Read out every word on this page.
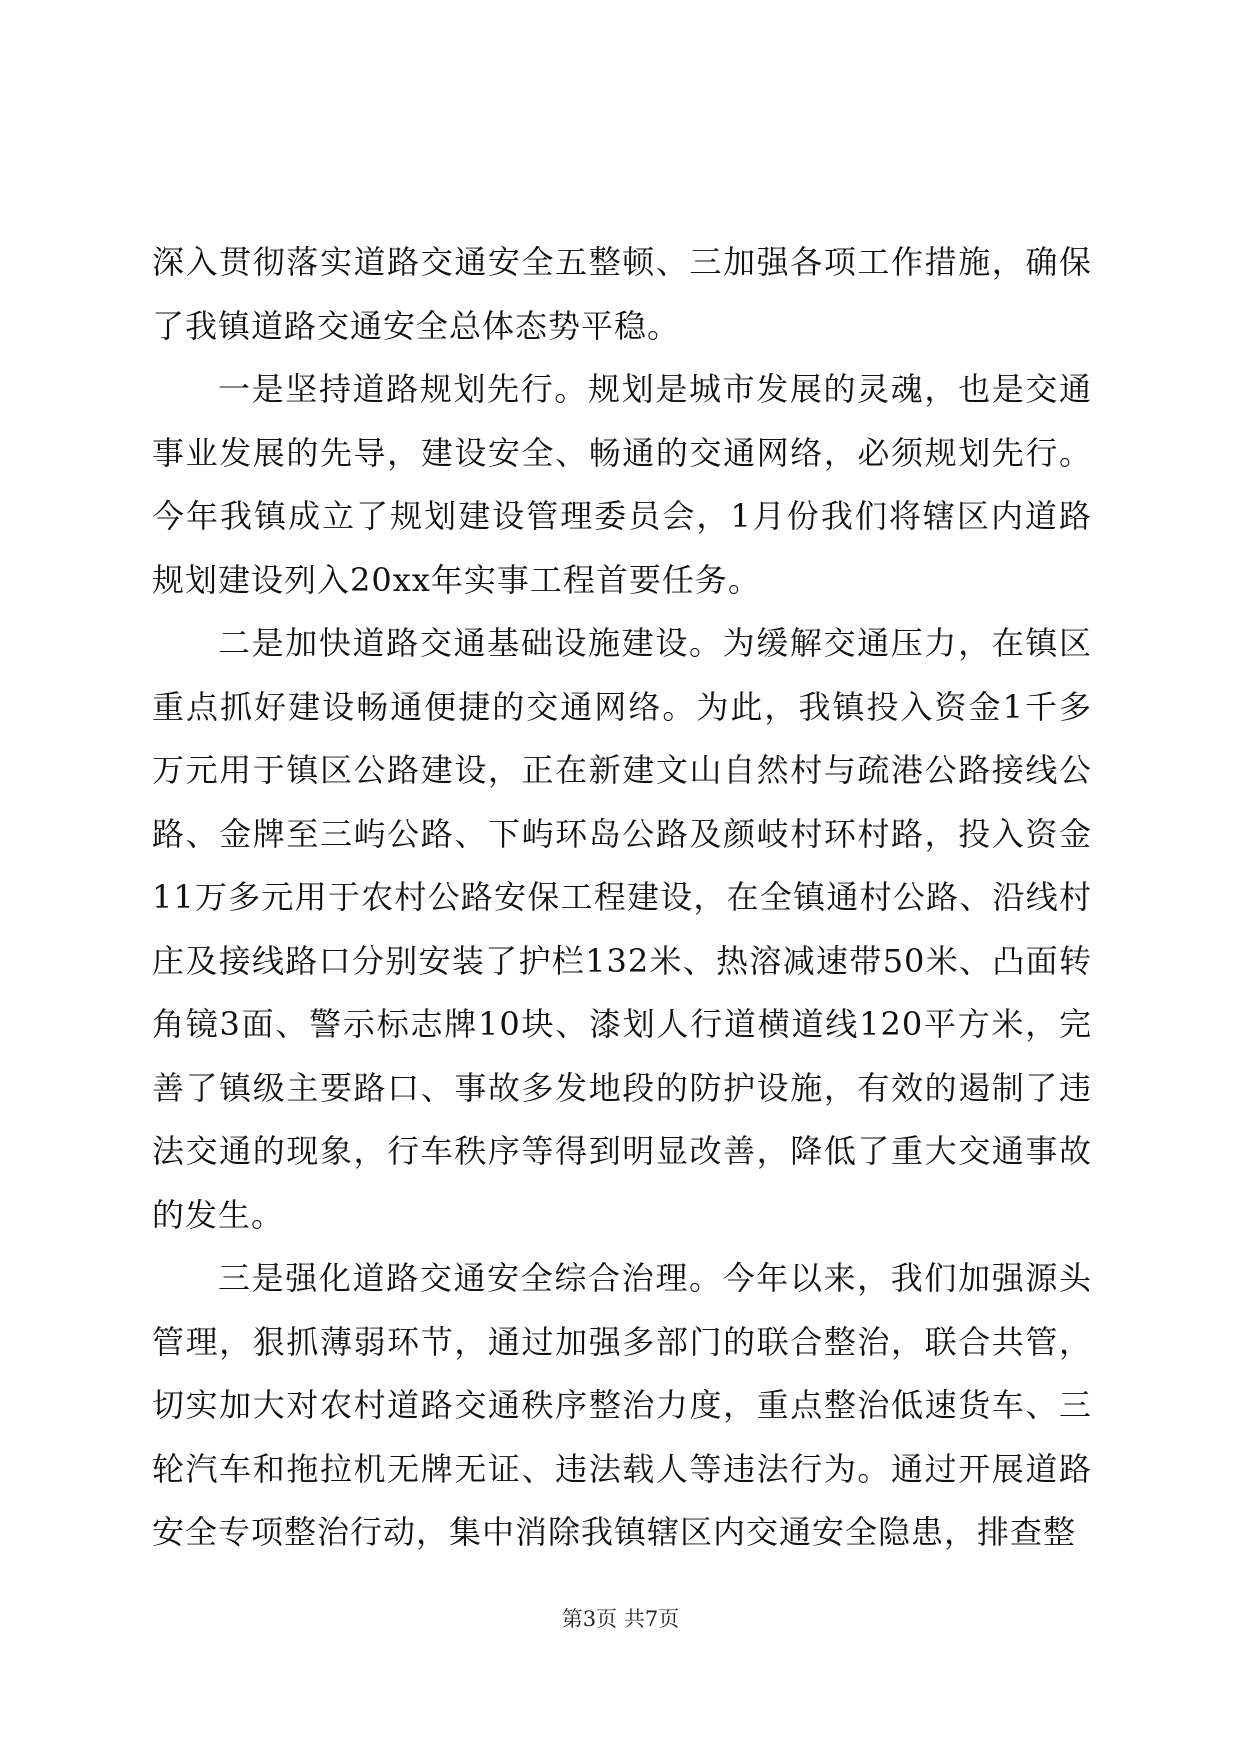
深入贯彻落实道路交通安全五整顿、三加强各项工作措施，确保了我镇道路交通安全总体态势平稳。

一是坚持道路规划先行。规划是城市发展的灵魂，也是交通事业发展的先导，建设安全、畅通的交通网络，必须规划先行。今年我镇成立了规划建设管理委员会，1月份我们将辖区内道路规划建设列入20xx年实事工程首要任务。

二是加快道路交通基础设施建设。为缓解交通压力，在镇区重点抓好建设畅通便捷的交通网络。为此，我镇投入资金1千多万元用于镇区公路建设，正在新建文山自然村与疏港公路接线公路、金牌至三屿公路、下屿环岛公路及颜岐村环村路，投入资金11万多元用于农村公路安保工程建设，在全镇通村公路、沿线村庄及接线路口分别安装了护栏132米、热溶减速带50米、凸面转角镜3面、警示标志牌10块、漆划人行道横道线120平方米，完善了镇级主要路口、事故多发地段的防护设施，有效的遏制了违法交通的现象，行车秩序等得到明显改善，降低了重大交通事故的发生。

三是强化道路交通安全综合治理。今年以来，我们加强源头管理，狠抓薄弱环节，通过加强多部门的联合整治，联合共管，切实加大对农村道路交通秩序整治力度，重点整治低速货车、三轮汽车和拖拉机无牌无证、违法载人等违法行为。通过开展道路安全专项整治行动，集中消除我镇辖区内交通安全隐患，排查整

第3页 共7页
